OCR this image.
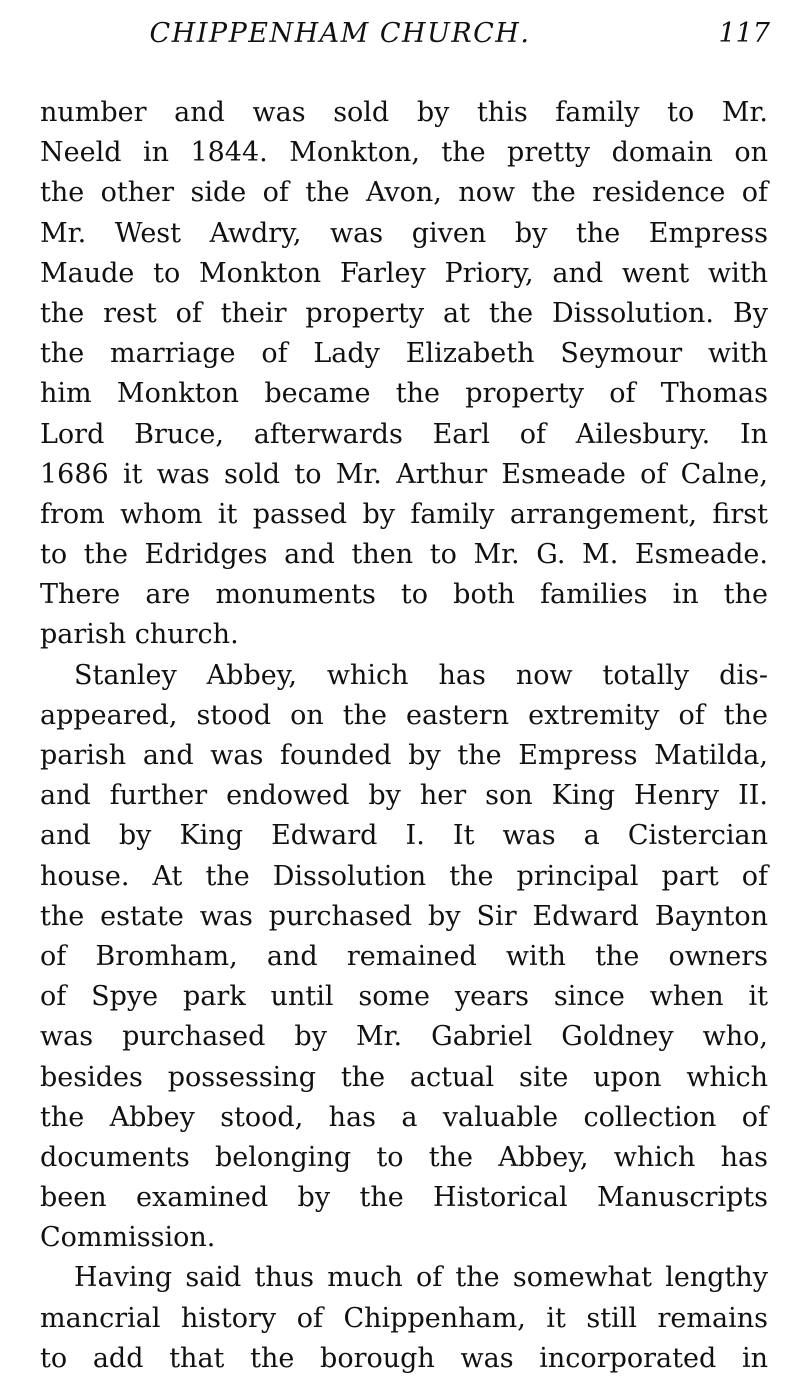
CHIPPENHAM CHURCH.	117
number and was sold by this family to Mr.
Neeld in 1844. Monkton, the pretty domain on
the other side of the Avon, now the residence of
Mr. West Awdry, was given by the Empress
Maude to Monkton Farley Priory, and went with
the rest of their property at the Dissolution. By
the marriage of Lady Elizabeth Seymour with
him Monkton became the property of Thomas
Lord Bruce, afterwards Earl of Ailesbury. In
1686 it was sold to Mr. Arthur Esmeade of Calne,
from whom it passed by family arrangement, first
to the Edridges and then to Mr. G. M. Esmeade.
There are monuments to both families in the
parish church.
Stanley Abbey, which has now totally dis-
appeared, stood on the eastern extremity of the
parish and was founded by the Empress Matilda,
and further endowed by her son King Henry II.
and by King Edward I. It was a Cistercian
house. At the Dissolution the principal part of
the estate was purchased by Sir Edward Baynton
of Bromham, and remained with the owners
of Spye park until some years since when it
was purchased by Mr. Gabriel Goldney who,
besides possessing the actual site upon which
the Abbey stood, has a valuable collection of
documents belonging to the Abbey, which has
been examined by the Historical Manuscripts
Commission.
Having said thus much of the somewhat lengthy
mancrial history of Chippenham, it still remains
to add that the borough was incorporated in
